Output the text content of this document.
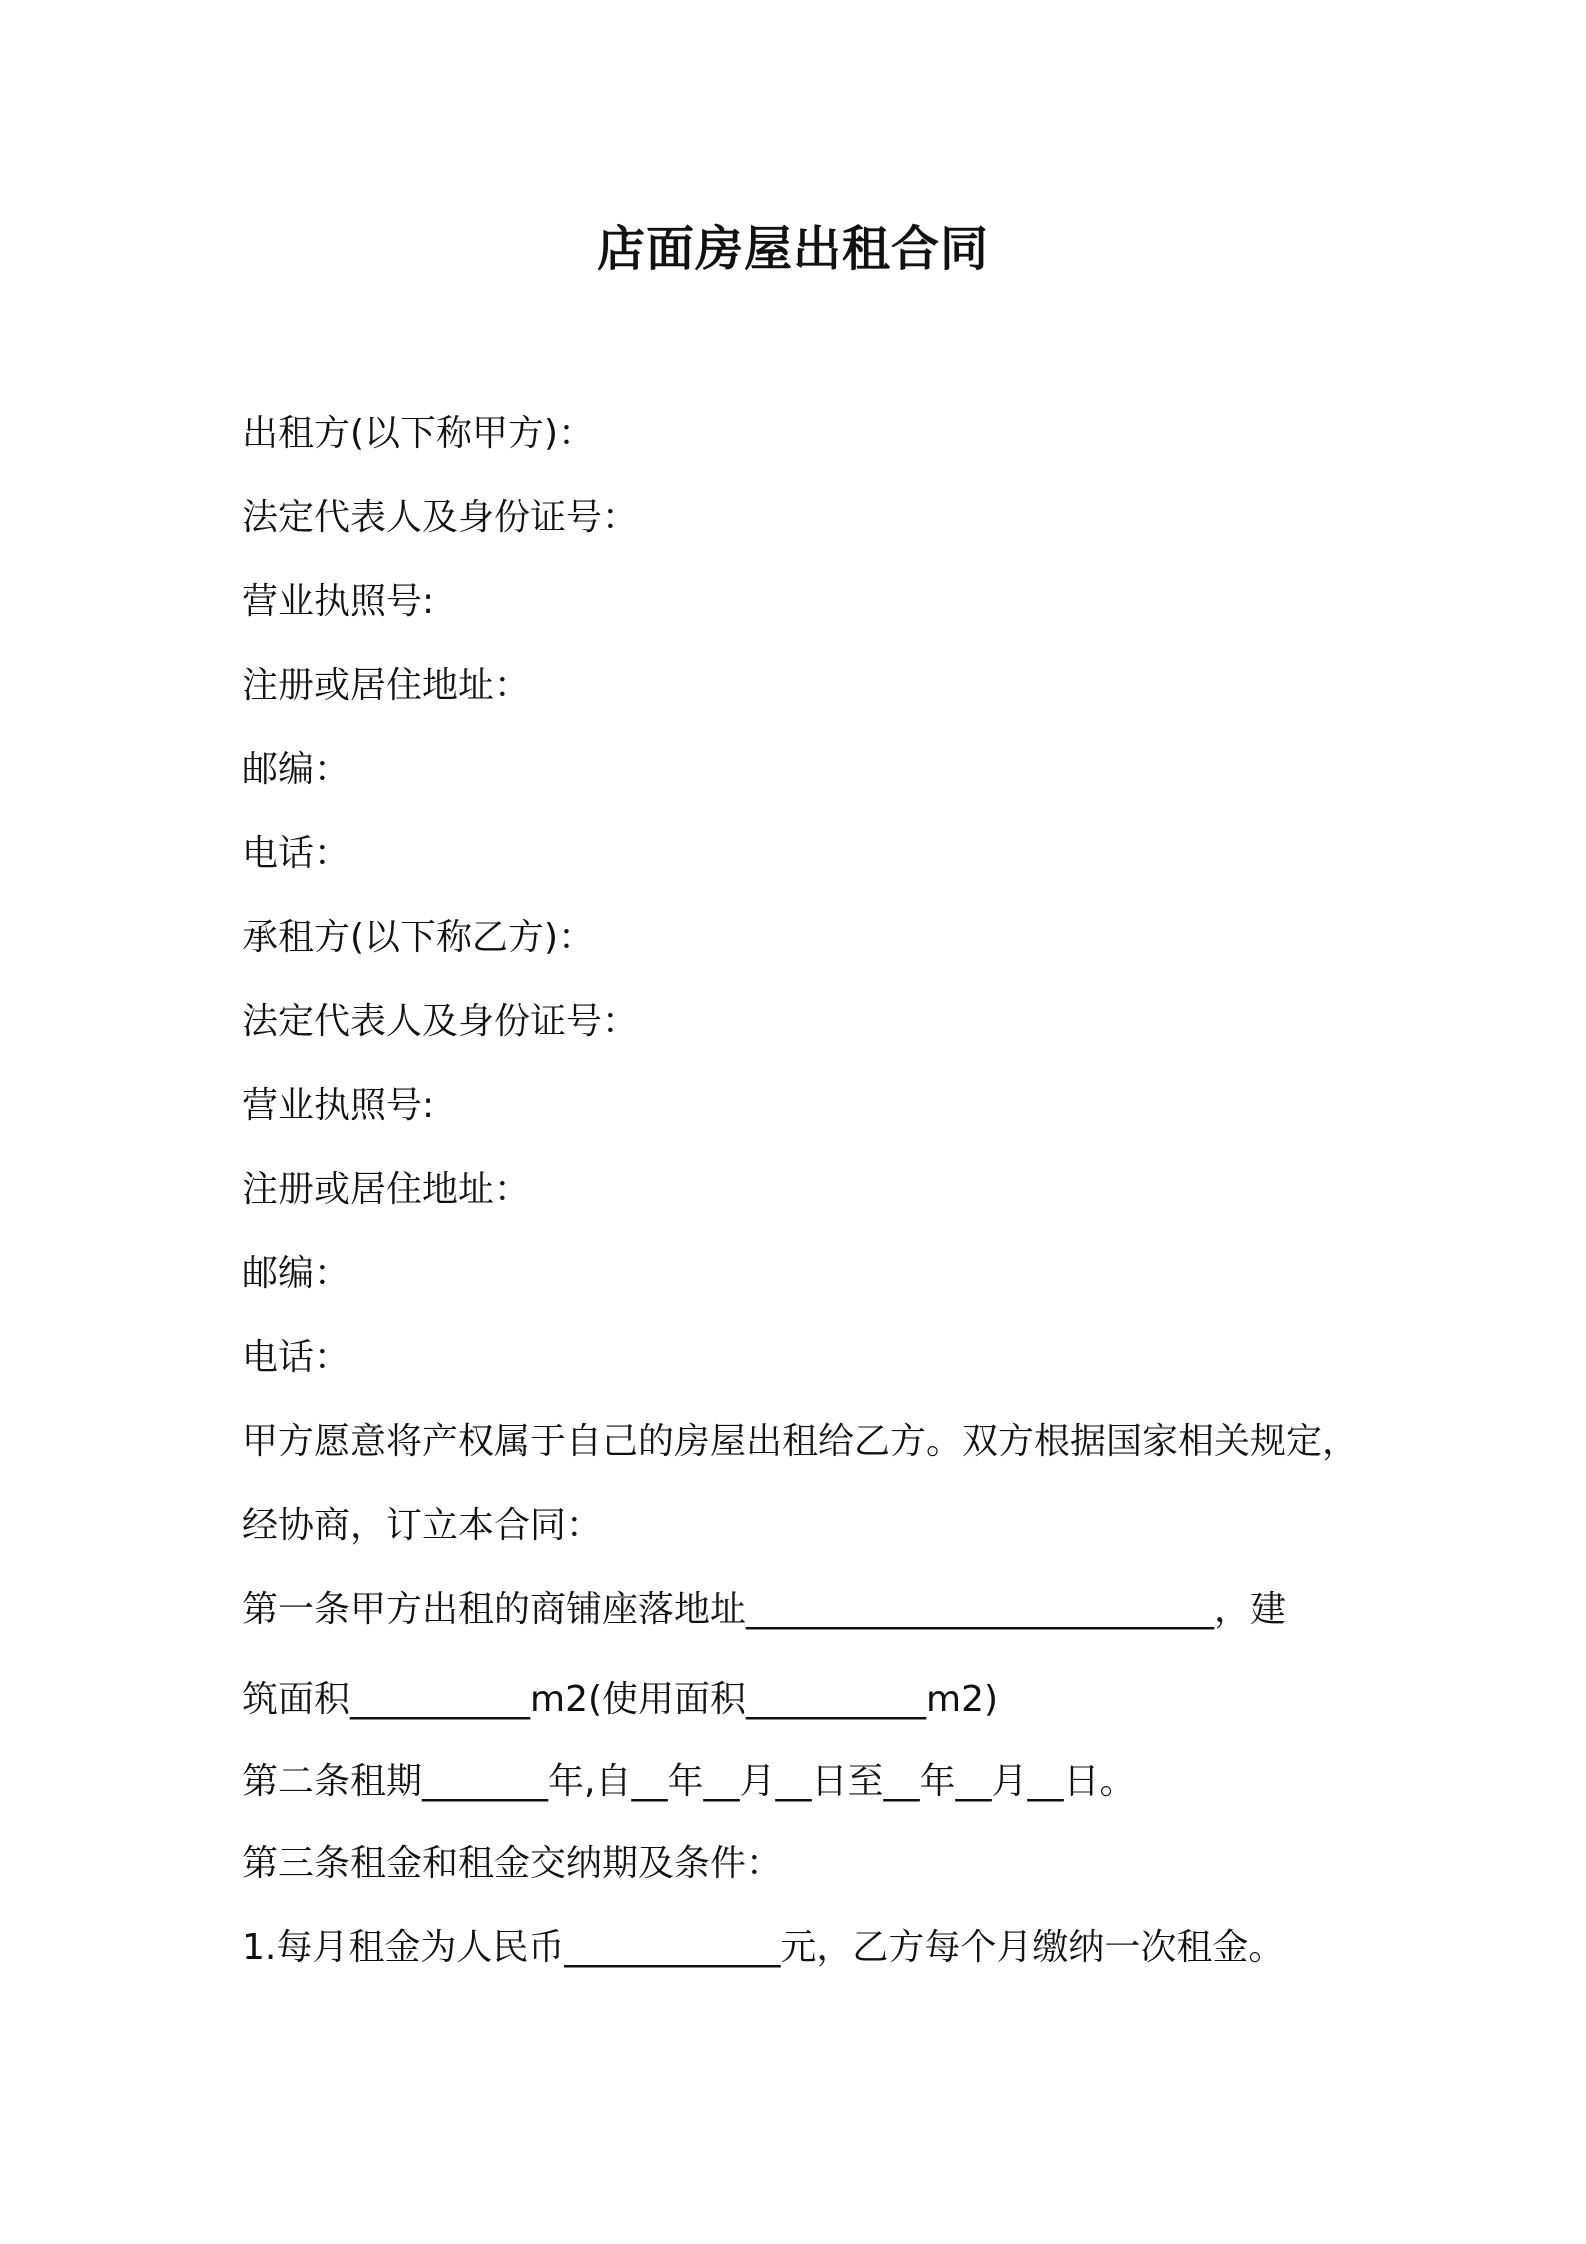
店面房屋出租合同

出租方(以下称甲方)：

法定代表人及身份证号：

营业执照号:

注册或居住地址：

邮编：

电话：

承租方(以下称乙方)：

法定代表人及身份证号：

营业执照号:

注册或居住地址：

邮编：

电话：

甲方愿意将产权属于自己的房屋出租给乙方。双方根据国家相关规定，

经协商，订立本合同：

第一条甲方出租的商铺座落地址__________________________，建

筑面积__________m2(使用面积__________m2)

第二条租期_______年,自__年__月__日至__年__月__日。

第三条租金和租金交纳期及条件：

1.每月租金为人民币____________元，乙方每个月缴纳一次租金。
